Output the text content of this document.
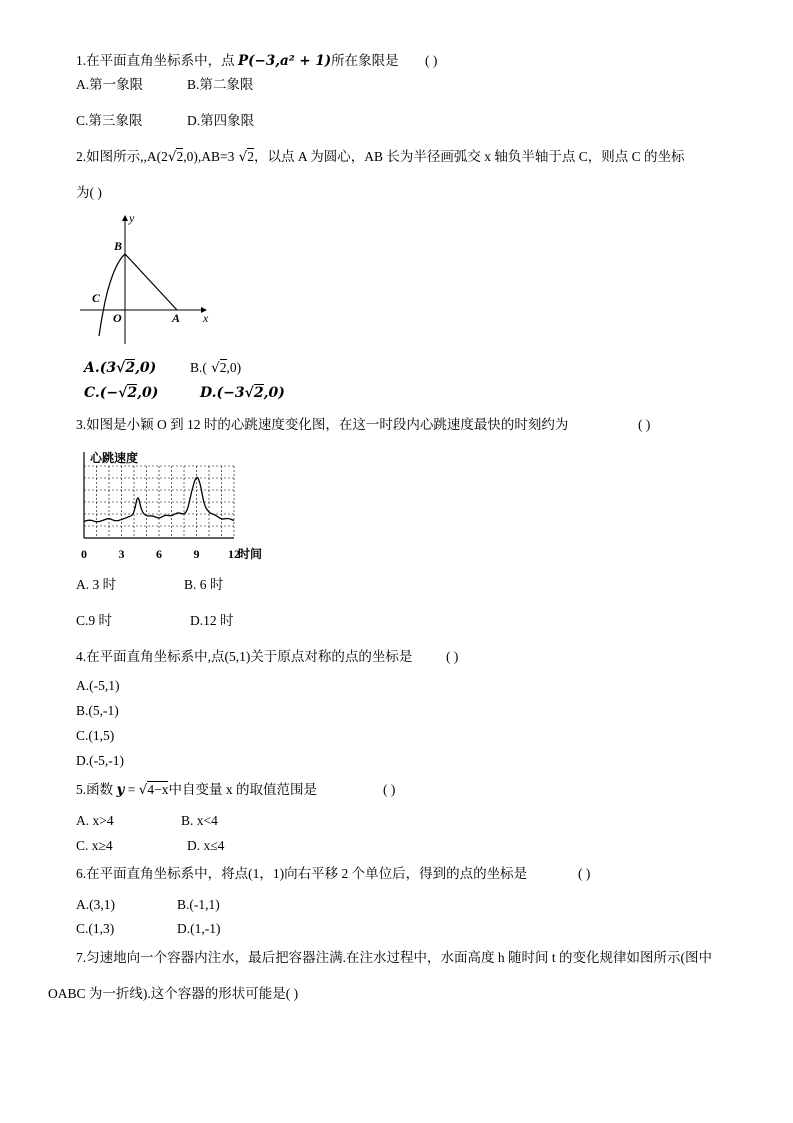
1.在平面直角坐标系中，点 P(−3,a² + 1)所在象限是 ( )
A.第一象限	B.第二象限
C.第三象限	D.第四象限
2.如图所示,,A(2√2,0),AB=3 √2，以点 A 为圆心，AB 长为半径画弧交 x 轴负半轴于点 C，则点 C 的坐标
为( )
y
B
C
O	A x
A.(3√2,0) B.( √2,0)
C.(−√2,0)	D.(−3√2,0)
3.如图是小颖 O 到 12 时的心跳速度变化图，在这一时段内心跳速度最快的时刻约为	( )
心跳速度
0	3	6	9 12
时间
A. 3 时	B. 6 时
C.9 时	D.12 时
4.在平面直角坐标系中,点(5,1)关于原点对称的点的坐标是 ( )
A.(-5,1)
B.(5,-1)
C.(1,5)
D.(-5,-1)
5.函数 y = √4−x中自变量 x 的取值范围是	( )
A. x>4	B. x<4
C. x≥4	D. x≤4
6.在平面直角坐标系中，将点(1，1)向右平移 2 个单位后，得到的点的坐标是	( )
A.(3,1)	B.(-1,1)
C.(1,3)	D.(1,-1)
7.匀速地向一个容器内注水，最后把容器注满.在注水过程中，水面高度 h 随时间 t 的变化规律如图所示(图中
OABC 为一折线).这个容器的形状可能是( )
